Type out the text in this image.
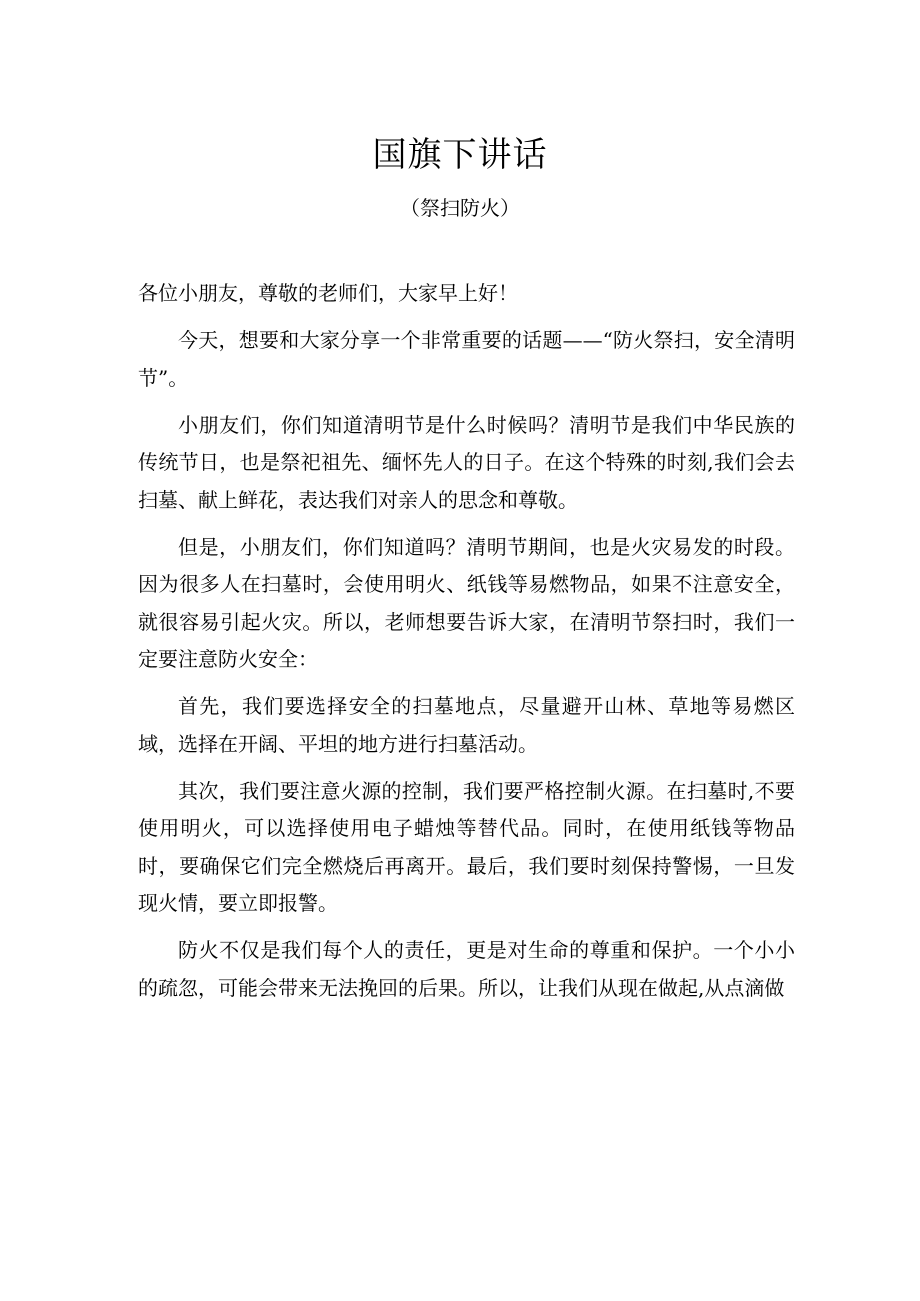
国旗下讲话
（祭扫防火）

各位小朋友，尊敬的老师们，大家早上好！

今天，想要和大家分享一个非常重要的话题——“防火祭扫，安全清明节”。

小朋友们，你们知道清明节是什么时候吗？清明节是我们中华民族的传统节日，也是祭祀祖先、缅怀先人的日子。在这个特殊的时刻,我们会去扫墓、献上鲜花，表达我们对亲人的思念和尊敬。

但是，小朋友们，你们知道吗？清明节期间，也是火灾易发的时段。因为很多人在扫墓时，会使用明火、纸钱等易燃物品，如果不注意安全，就很容易引起火灾。所以，老师想要告诉大家，在清明节祭扫时，我们一定要注意防火安全：

首先，我们要选择安全的扫墓地点，尽量避开山林、草地等易燃区域，选择在开阔、平坦的地方进行扫墓活动。

其次，我们要注意火源的控制，我们要严格控制火源。在扫墓时,不要使用明火，可以选择使用电子蜡烛等替代品。同时，在使用纸钱等物品时，要确保它们完全燃烧后再离开。最后，我们要时刻保持警惕，一旦发现火情，要立即报警。

防火不仅是我们每个人的责任，更是对生命的尊重和保护。一个小小的疏忽，可能会带来无法挽回的后果。所以，让我们从现在做起,从点滴做
